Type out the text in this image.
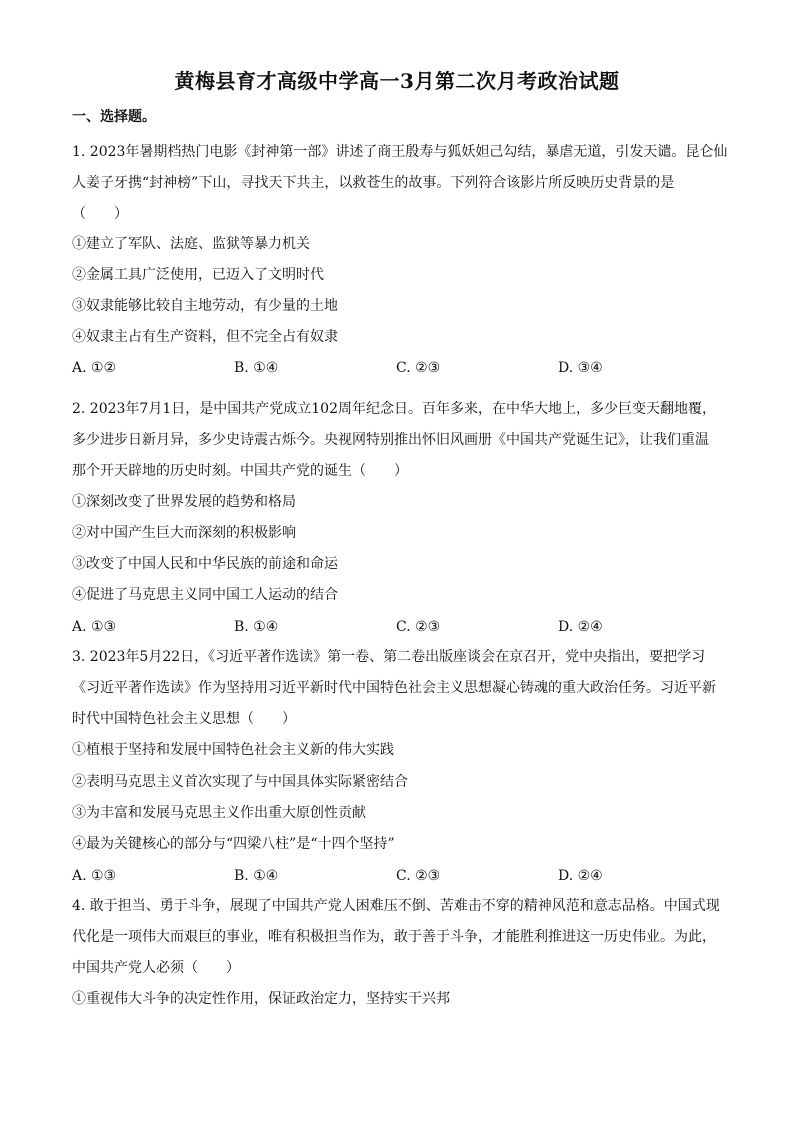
黄梅县育才高级中学高一3月第二次月考政治试题
一、选择题。
1. 2023年暑期档热门电影《封神第一部》讲述了商王殷寿与狐妖妲己勾结，暴虐无道，引发天谴。昆仑仙
人姜子牙携“封神榜”下山，寻找天下共主，以救苍生的故事。下列符合该影片所反映历史背景的是
（　　）
①建立了军队、法庭、监狱等暴力机关
②金属工具广泛使用，已迈入了文明时代
③奴隶能够比较自主地劳动，有少量的土地
④奴隶主占有生产资料，但不完全占有奴隶
A. ①②	B. ①④	C. ②③	D. ③④
2. 2023年7月1日，是中国共产党成立102周年纪念日。百年多来，在中华大地上，多少巨变天翻地覆，
多少进步日新月异，多少史诗震古烁今。央视网特别推出怀旧风画册《中国共产党诞生记》，让我们重温
那个开天辟地的历史时刻。中国共产党的诞生（　　）
①深刻改变了世界发展的趋势和格局
②对中国产生巨大而深刻的积极影响
③改变了中国人民和中华民族的前途和命运
④促进了马克思主义同中国工人运动的结合
A. ①③	B. ①④	C. ②③	D. ②④
3. 2023年5月22日，《习近平著作选读》第一卷、第二卷出版座谈会在京召开，党中央指出，要把学习
《习近平著作选读》作为坚持用习近平新时代中国特色社会主义思想凝心铸魂的重大政治任务。习近平新
时代中国特色社会主义思想（　　）
①植根于坚持和发展中国特色社会主义新的伟大实践
②表明马克思主义首次实现了与中国具体实际紧密结合
③为丰富和发展马克思主义作出重大原创性贡献
④最为关键核心的部分与“四梁八柱”是“十四个坚持”
A. ①③	B. ①④	C. ②③	D. ②④
4. 敢于担当、勇于斗争，展现了中国共产党人困难压不倒、苦难击不穿的精神风范和意志品格。中国式现
代化是一项伟大而艰巨的事业，唯有积极担当作为，敢于善于斗争，才能胜利推进这一历史伟业。为此，
中国共产党人必须（　　）
①重视伟大斗争的决定性作用，保证政治定力，坚持实干兴邦
